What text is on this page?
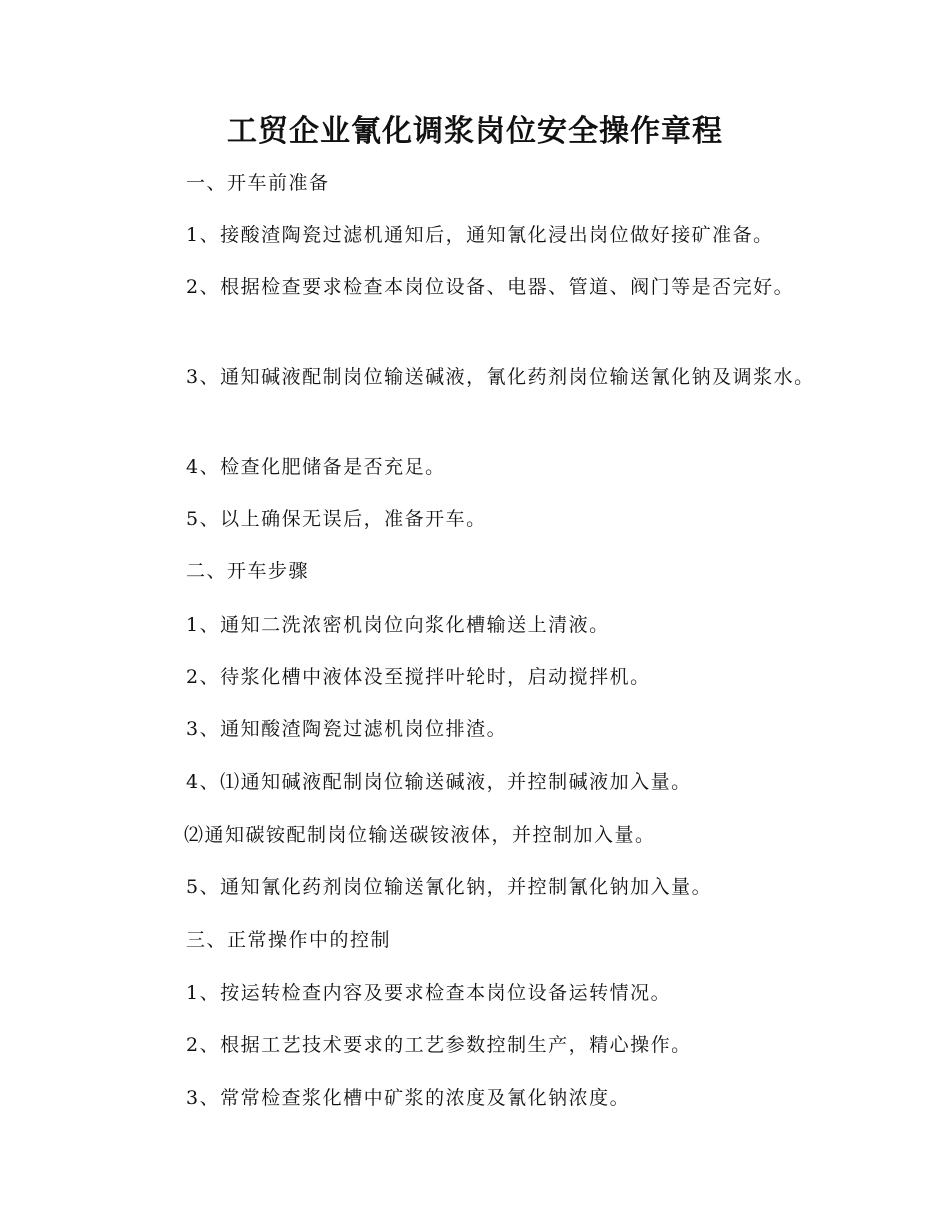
工贸企业氰化调浆岗位安全操作章程

一、开车前准备

1、接酸渣陶瓷过滤机通知后，通知氰化浸出岗位做好接矿准备。

2、根据检查要求检查本岗位设备、电器、管道、阀门等是否完好。

3、通知碱液配制岗位输送碱液，氰化药剂岗位输送氰化钠及调浆水。

4、检查化肥储备是否充足。

5、以上确保无误后，准备开车。

二、开车步骤

1、通知二洗浓密机岗位向浆化槽输送上清液。

2、待浆化槽中液体没至搅拌叶轮时，启动搅拌机。

3、通知酸渣陶瓷过滤机岗位排渣。

4、⑴通知碱液配制岗位输送碱液，并控制碱液加入量。

⑵通知碳铵配制岗位输送碳铵液体，并控制加入量。

5、通知氰化药剂岗位输送氰化钠，并控制氰化钠加入量。

三、正常操作中的控制

1、按运转检查内容及要求检查本岗位设备运转情况。

2、根据工艺技术要求的工艺参数控制生产，精心操作。

3、常常检查浆化槽中矿浆的浓度及氰化钠浓度。
